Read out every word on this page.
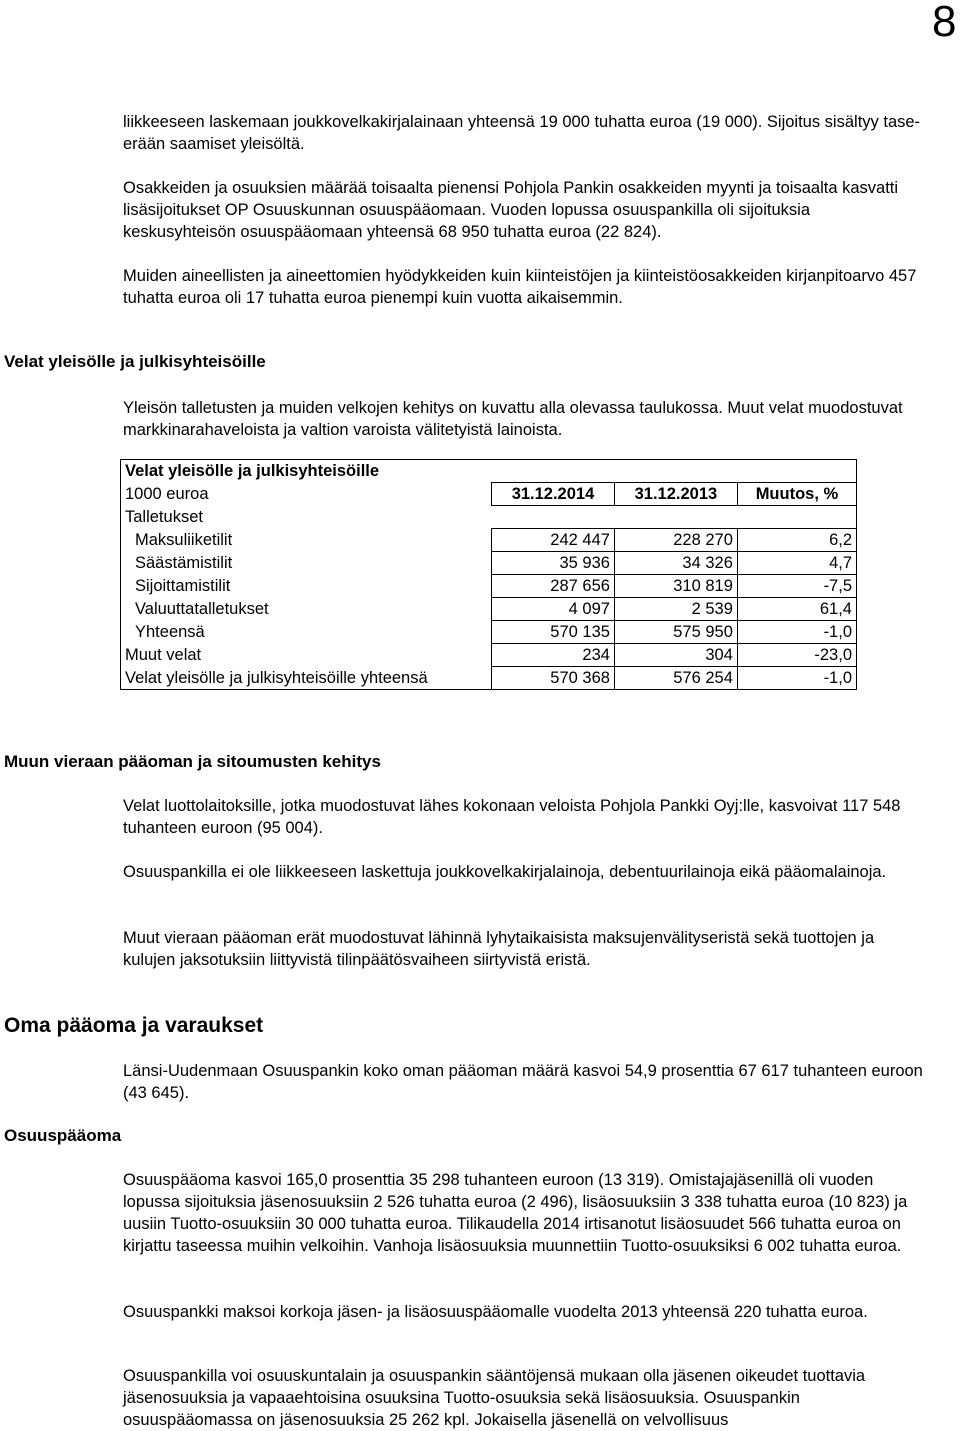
8

liikkeeseen laskemaan joukkovelkakirjalainaan yhteensä 19 000 tuhatta euroa (19 000). Sijoitus sisältyy tase-erään saamiset yleisöltä.

Osakkeiden ja osuuksien määrää toisaalta pienensi Pohjola Pankin osakkeiden myynti ja toisaalta kasvatti lisäsijoitukset OP Osuuskunnan osuuspääomaan. Vuoden lopussa osuuspankilla oli sijoituksia keskusyhteisön osuuspääomaan yhteensä 68 950 tuhatta euroa (22 824).

Muiden aineellisten ja aineettomien hyödykkeiden kuin kiinteistöjen ja kiinteistöosakkeiden kirjanpitoarvo 457 tuhatta euroa oli 17 tuhatta euroa pienempi kuin vuotta aikaisemmin.

Velat yleisölle ja julkisyhteisöille

Yleisön talletusten ja muiden velkojen kehitys on kuvattu alla olevassa taulukossa. Muut velat muodostuvat markkinarahaveloista ja valtion varoista välitetyistä lainoista.

Velat yleisölle ja julkisyhteisöille			
1000 euroa	31.12.2014	31.12.2013	Muutos, %
Talletukset			
Maksuliiketilit	242 447	228 270	6,2
Säästämistilit	35 936	34 326	4,7
Sijoittamistilit	287 656	310 819	-7,5
Valuuttatalletukset	4 097	2 539	61,4
Yhteensä	570 135	575 950	-1,0
Muut velat	234	304	-23,0
Velat yleisölle ja julkisyhteisöille yhteensä	570 368	576 254	-1,0
Muun vieraan pääoman ja sitoumusten kehitys

Velat luottolaitoksille, jotka muodostuvat lähes kokonaan veloista Pohjola Pankki Oyj:lle, kasvoivat 117 548 tuhanteen euroon (95 004).

Osuuspankilla ei ole liikkeeseen laskettuja joukkovelkakirjalainoja, debentuurilainoja eikä pääomalainoja.

Muut vieraan pääoman erät muodostuvat lähinnä lyhytaikaisista maksujenvälityseristä sekä tuottojen ja kulujen jaksotuksiin liittyvistä tilinpäätösvaiheen siirtyvistä eristä.

Oma pääoma ja varaukset

Länsi-Uudenmaan Osuuspankin koko oman pääoman määrä kasvoi 54,9 prosenttia 67 617 tuhanteen euroon (43 645).

Osuuspääoma

Osuuspääoma kasvoi 165,0 prosenttia 35 298 tuhanteen euroon (13 319). Omistajajäsenillä oli vuoden lopussa sijoituksia jäsenosuuksiin 2 526 tuhatta euroa (2 496), lisäosuuksiin 3 338 tuhatta euroa (10 823) ja uusiin Tuotto-osuuksiin 30 000 tuhatta euroa. Tilikaudella 2014 irtisanotut lisäosuudet 566 tuhatta euroa on kirjattu taseessa muihin velkoihin. Vanhoja lisäosuuksia muunnettiin Tuotto-osuuksiksi 6 002 tuhatta euroa.

Osuuspankki maksoi korkoja jäsen- ja lisäosuuspääomalle vuodelta 2013 yhteensä 220 tuhatta euroa.

Osuuspankilla voi osuuskuntalain ja osuuspankin sääntöjensä mukaan olla jäsenen oikeudet tuottavia jäsenosuuksia ja vapaaehtoisina osuuksina Tuotto-osuuksia sekä lisäosuuksia. Osuuspankin osuuspääomassa on jäsenosuuksia 25 262 kpl. Jokaisella jäsenellä on velvollisuus
